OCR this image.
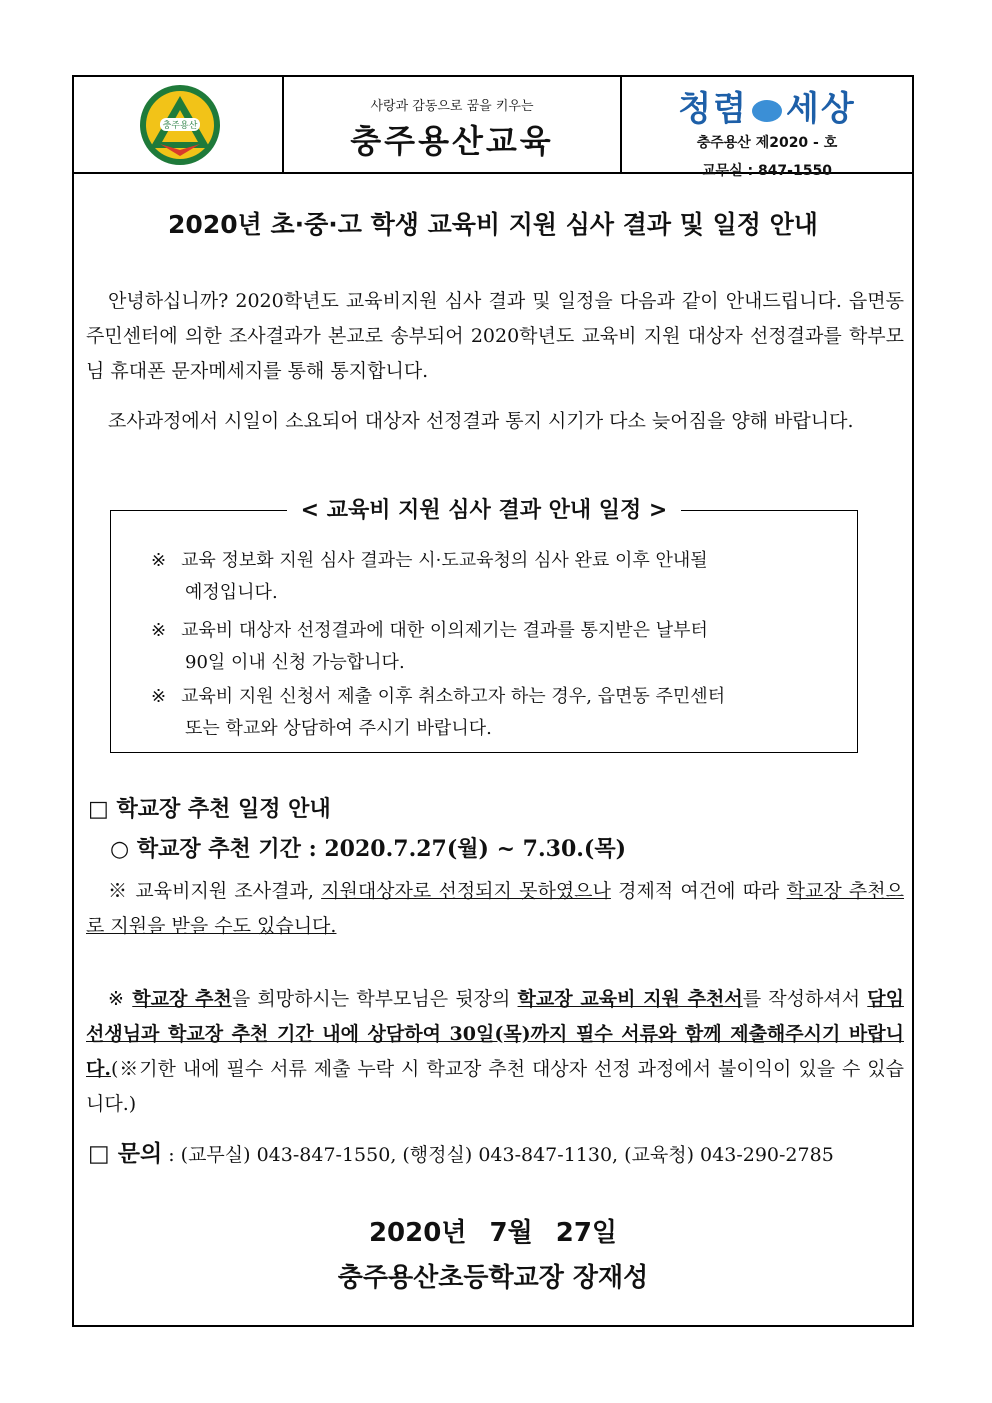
충주용산
사랑과 감동으로 꿈을 키우는
충주용산교육
청렴 세상
충주용산 제2020 - 호
교무실 : 847-1550
2020년 초·중·고 학생 교육비 지원 심사 결과 및 일정 안내
안녕하십니까? 2020학년도 교육비지원 심사 결과 및 일정을 다음과 같이 안내드립니다. 읍면동 주민센터에 의한 조사결과가 본교로 송부되어 2020학년도 교육비 지원 대상자 선정결과를 학부모님 휴대폰 문자메세지를 통해 통지합니다.
조사과정에서 시일이 소요되어 대상자 선정결과 통지 시기가 다소 늦어짐을 양해 바랍니다.
< 교육비 지원 심사 결과 안내 일정 >
※ 교육 정보화 지원 심사 결과는 시·도교육청의 심사 완료 이후 안내될
예정입니다.
※ 교육비 대상자 선정결과에 대한 이의제기는 결과를 통지받은 날부터
90일 이내 신청 가능합니다.
※ 교육비 지원 신청서 제출 이후 취소하고자 하는 경우, 읍면동 주민센터
또는 학교와 상담하여 주시기 바랍니다.
□ 학교장 추천 일정 안내
○ 학교장 추천 기간 : 2020.7.27(월) ~ 7.30.(목)
※ 교육비지원 조사결과, 지원대상자로 선정되지 못하였으나 경제적 여건에 따라 학교장 추천으로 지원을 받을 수도 있습니다.
※ 학교장 추천을 희망하시는 학부모님은 뒷장의 학교장 교육비 지원 추천서를 작성하셔서 담임선생님과 학교장 추천 기간 내에 상담하여 30일(목)까지 필수 서류와 함께 제출해주시기 바랍니다.(※기한 내에 필수 서류 제출 누락 시 학교장 추천 대상자 선정 과정에서 불이익이 있을 수 있습니다.)
□ 문의 : (교무실) 043-847-1550, (행정실) 043-847-1130, (교육청) 043-290-2785
2020년 7월 27일
충주용산초등학교장 장재성
